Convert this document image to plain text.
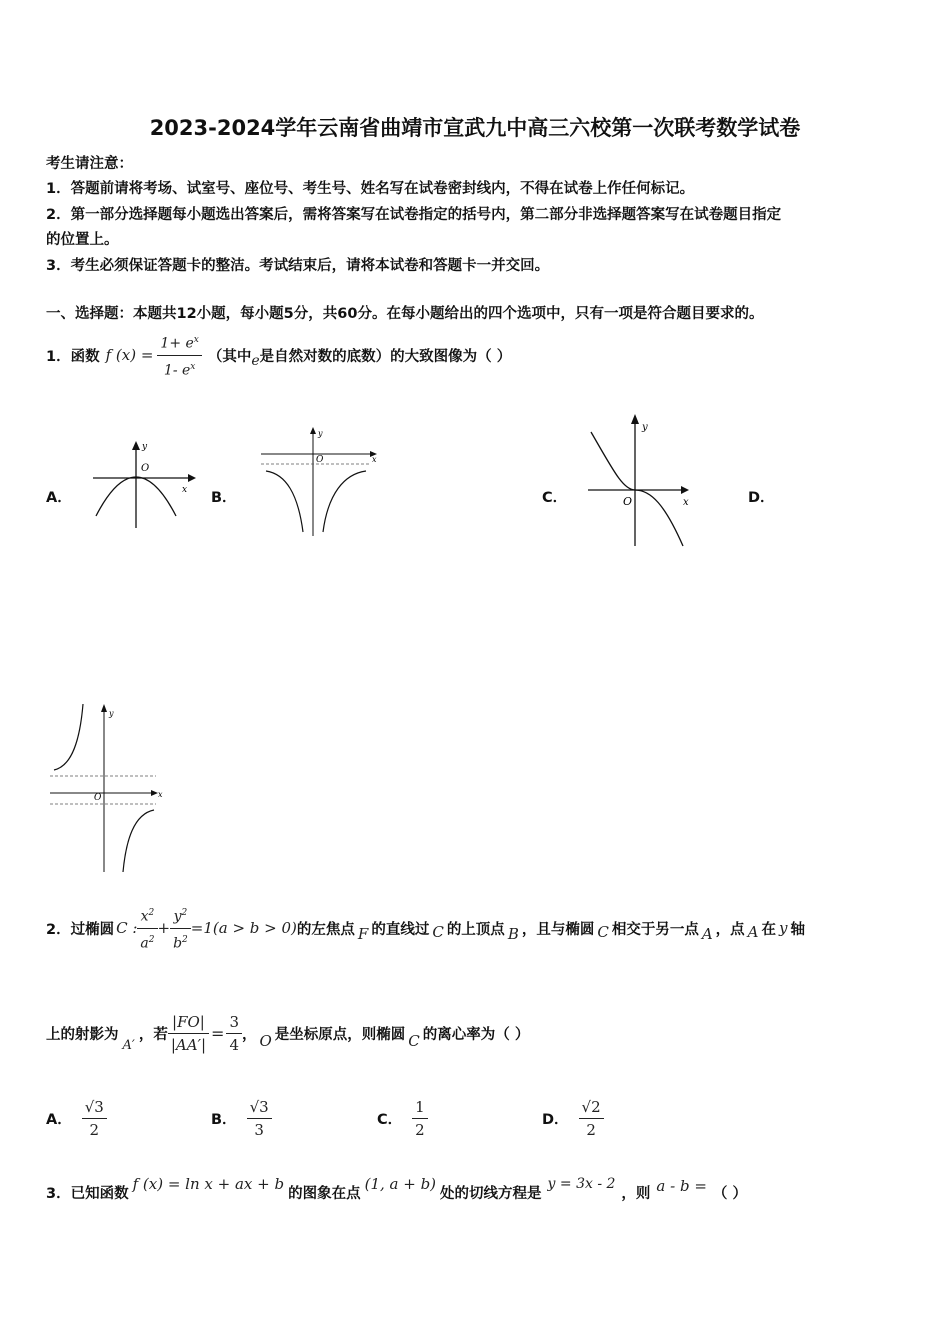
2023-2024学年云南省曲靖市宣武九中高三六校第一次联考数学试卷
考生请注意：
1．答题前请将考场、试室号、座位号、考生号、姓名写在试卷密封线内，不得在试卷上作任何标记。
2．第一部分选择题每小题选出答案后，需将答案写在试卷指定的括号内，第二部分非选择题答案写在试卷题目指定
的位置上。
3．考生必须保证答题卡的整洁。考试结束后，请将本试卷和答题卡一并交回。
一、选择题：本题共12小题，每小题5分，共60分。在每小题给出的四个选项中，只有一项是符合题目要求的。
1．函数 f $(x) = \frac{1+ e^x}{1- e^x}$ （其中 e 是自然对数的底数）的大致图像为（ ）
A．	B．	C．	D．
O
x
y
O	x
y
O	x
y
O	x
y
2．过椭圆 C : $\frac{x^2}{a^2} + \frac{y^2}{b^2} =1(a > b > 0)$ 的左焦点 F 的直线过 C 的上顶点 B ，且与椭圆 C 相交于另一点 A ，点 A 在 y 轴
上的射影为
A′
，若 $\frac{|FO|}{|AA'|} = \frac{3}{4}$ ， O 是坐标原点，则椭圆 C 的离心率为（ ）
A． $\frac{√3}{2}$	B． $\frac{√3}{3}$	C． $\frac{1}{2}$	D． $\frac{√2}{2}$
3．已知函数
f (x) = ln x + ax + b
的图象在点
(1, a + b)
处的切线方程是
y = 3x - 2
，则 a - b = （ ）
